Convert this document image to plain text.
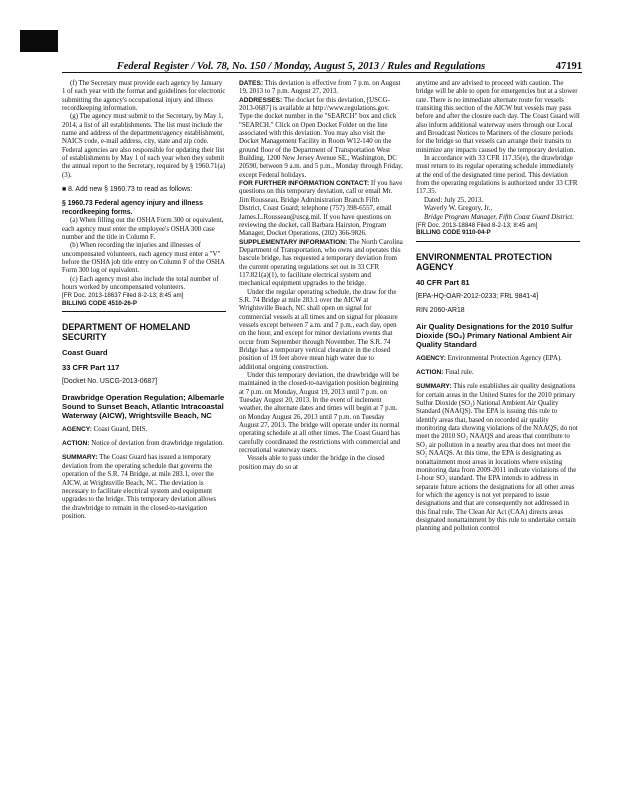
Federal Register / Vol. 78, No. 150 / Monday, August 5, 2013 / Rules and Regulations	47191

(f) The Secretary must provide each agency by January 1 of each year with the format and guidelines for electronic submitting the agency's occupational injury and illness recordkeeping information.

(g) The agency must submit to the Secretary, by May 1, 2014, a list of all establishments. The list must include the name and address of the department/agency establishment, NAICS code, e-mail address, city, state and zip code. Federal agencies are also responsible for updating their list of establishments by May 1 of each year when they submit the annual report to the Secretary, required by § 1960.71(a)(3).

■ 8. Add new § 1960.73 to read as follows:

§ 1960.73 Federal agency injury and illness recordkeeping forms.

(a) When filling out the OSHA Form 300 or equivalent, each agency must enter the employee's OSHA 300 case number and the title in Column F.

(b) When recording the injuries and illnesses of uncompensated volunteers, each agency must enter a "V" before the OSHA job title entry on Column F of the OSHA Form 300 log or equivalent.

(c) Each agency must also include the total number of hours worked by uncompensated volunteers.

[FR Doc. 2013-18637 Filed 8-2-13; 8:45 am]

BILLING CODE 4510-26-P

DEPARTMENT OF HOMELAND SECURITY

Coast Guard

33 CFR Part 117

[Docket No. USCG-2013-0687]

Drawbridge Operation Regulation; Albemarle Sound to Sunset Beach, Atlantic Intracoastal Waterway (AICW), Wrightsville Beach, NC

AGENCY: Coast Guard, DHS.

ACTION: Notice of deviation from drawbridge regulation.

SUMMARY: The Coast Guard has issued a temporary deviation from the operating schedule that governs the operation of the S.R. 74 Bridge, at mile 283.1, over the AICW, at Wrightsville Beach, NC. The deviation is necessary to facilitate electrical system and equipment upgrades to the bridge. This temporary deviation allows the drawbridge to remain in the closed-to-navigation position.

DATES: This deviation is effective from 7 p.m. on August 19, 2013 to 7 p.m. August 27, 2013.

ADDRESSES: The docket for this deviation, [USCG-2013-0687] is available at http://www.regulations.gov. Type the docket number in the "SEARCH" box and click "SEARCH." Click on Open Docket Folder on the line associated with this deviation. You may also visit the Docket Management Facility in Room W12-140 on the ground floor of the Department of Transportation West Building, 1200 New Jersey Avenue SE., Washington, DC 20590, between 9 a.m. and 5 p.m., Monday through Friday, except Federal holidays.

FOR FURTHER INFORMATION CONTACT: If you have questions on this temporary deviation, call or email Mr. Jim Rousseau, Bridge Administration Branch Fifth District, Coast Guard; telephone (757) 398-6557, email James.L.Rousseau@uscg.mil. If you have questions on reviewing the docket, call Barbara Hairston, Program Manager, Docket Operations, (202) 366-9826.

SUPPLEMENTARY INFORMATION: The North Carolina Department of Transportation, who owns and operates this bascule bridge, has requested a temporary deviation from the current operating regulations set out in 33 CFR 117.821(a)(1), to facilitate electrical system and mechanical equipment upgrades to the bridge.

Under the regular operating schedule, the draw for the S.R. 74 Bridge at mile 283.1 over the AICW at Wrightsville Beach, NC shall open on signal for commercial vessels at all times and on signal for pleasure vessels except between 7 a.m. and 7 p.m., each day, open on the hour, and except for minor deviations events that occur from September through November. The S.R. 74 Bridge has a temporary vertical clearance in the closed position of 19 feet above mean high water due to additional ongoing construction.

Under this temporary deviation, the drawbridge will be maintained in the closed-to-navigation position beginning at 7 p.m. on Monday, August 19, 2013 until 7 p.m. on Tuesday August 20, 2013. In the event of inclement weather, the alternate dates and times will begin at 7 p.m. on Monday August 26, 2013 until 7 p.m. on Tuesday August 27, 2013. The bridge will operate under its normal operating schedule at all other times. The Coast Guard has carefully coordinated the restrictions with commercial and recreational waterway users.

Vessels able to pass under the bridge in the closed position may do so at

anytime and are advised to proceed with caution. The bridge will be able to open for emergencies but at a slower rate. There is no immediate alternate route for vessels transiting this section of the AICW but vessels may pass before and after the closure each day. The Coast Guard will also inform additional waterway users through our Local and Broadcast Notices to Mariners of the closure periods for the bridge so that vessels can arrange their transits to minimize any impacts caused by the temporary deviation.

In accordance with 33 CFR 117.35(e), the drawbridge must return to its regular operating schedule immediately at the end of the designated time period. This deviation from the operating regulations is authorized under 33 CFR 117.35.

Dated: July 25, 2013.

Waverly W. Gregory, Jr.,

Bridge Program Manager, Fifth Coast Guard District.

[FR Doc. 2013-18848 Filed 8-2-13; 8:45 am]

BILLING CODE 9110-04-P

ENVIRONMENTAL PROTECTION AGENCY

40 CFR Part 81

[EPA-HQ-OAR-2012-0233; FRL 9841-4]

RIN 2060-AR18

Air Quality Designations for the 2010 Sulfur Dioxide (SO₂) Primary National Ambient Air Quality Standard

AGENCY: Environmental Protection Agency (EPA).

ACTION: Final rule.

SUMMARY: This rule establishes air quality designations for certain areas in the United States for the 2010 primary Sulfur Dioxide (SO₂) National Ambient Air Quality Standard (NAAQS). The EPA is issuing this rule to identify areas that, based on recorded air quality monitoring data showing violations of the NAAQS, do not meet the 2010 SO₂ NAAQS and areas that contribute to SO₂ air pollution in a nearby area that does not meet the SO₂ NAAQS. At this time, the EPA is designating as nonattainment most areas in locations where existing monitoring data from 2009-2011 indicate violations of the 1-hour SO₂ standard. The EPA intends to address in separate future actions the designations for all other areas for which the agency is not yet prepared to issue designations and that are consequently not addressed in this final rule. The Clean Air Act (CAA) directs areas designated nonattainment by this rule to undertake certain planning and pollution control
